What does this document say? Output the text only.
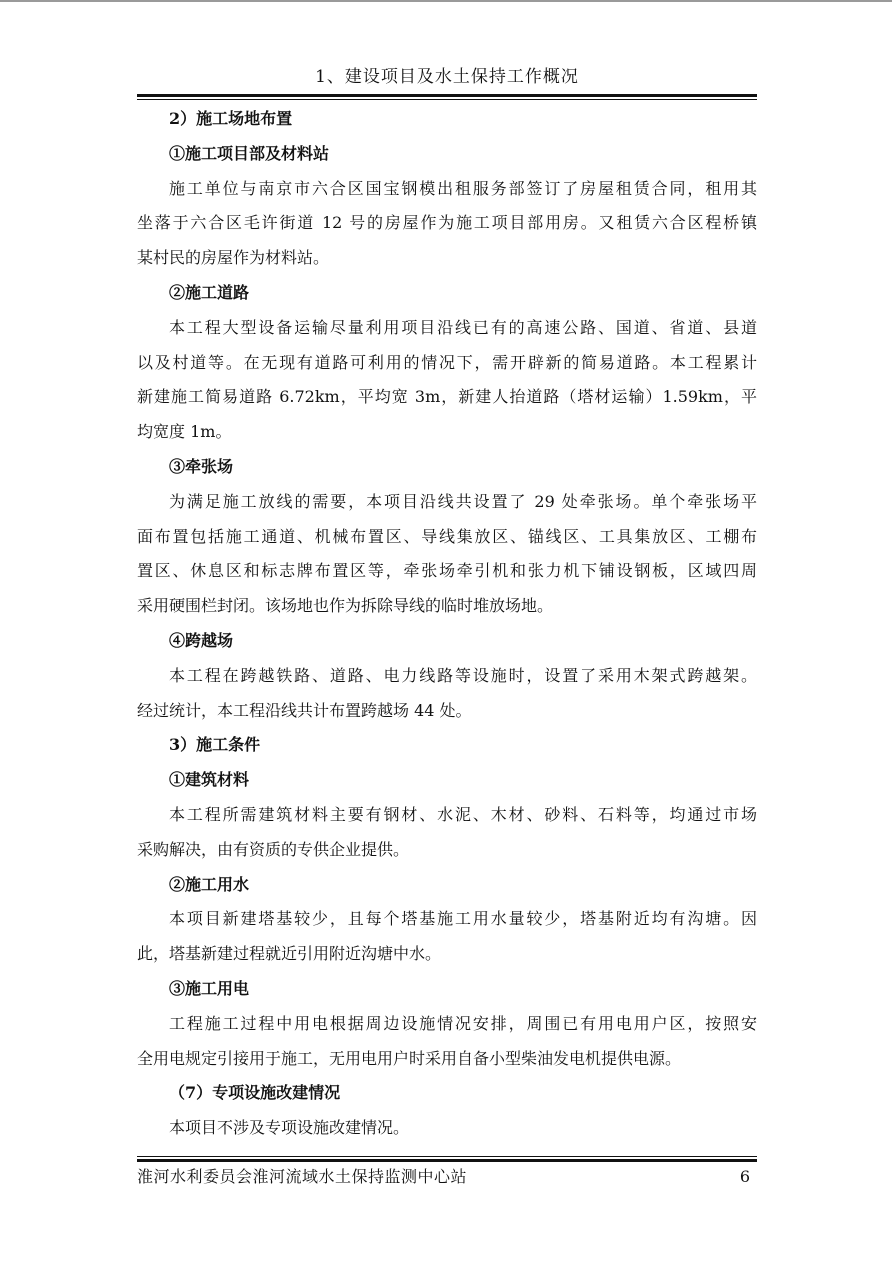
1、建设项目及水土保持工作概况
2）施工场地布置
①施工项目部及材料站
施工单位与南京市六合区国宝钢模出租服务部签订了房屋租赁合同，租用其
坐落于六合区毛许街道 12 号的房屋作为施工项目部用房。又租赁六合区程桥镇
某村民的房屋作为材料站。
②施工道路
本工程大型设备运输尽量利用项目沿线已有的高速公路、国道、省道、县道
以及村道等。在无现有道路可利用的情况下，需开辟新的简易道路。本工程累计
新建施工简易道路 6.72km，平均宽 3m，新建人抬道路（塔材运输）1.59km，平
均宽度 1m。
③牵张场
为满足施工放线的需要，本项目沿线共设置了 29 处牵张场。单个牵张场平
面布置包括施工通道、机械布置区、导线集放区、锚线区、工具集放区、工棚布
置区、休息区和标志牌布置区等，牵张场牵引机和张力机下铺设钢板，区域四周
采用硬围栏封闭。该场地也作为拆除导线的临时堆放场地。
④跨越场
本工程在跨越铁路、道路、电力线路等设施时，设置了采用木架式跨越架。
经过统计，本工程沿线共计布置跨越场 44 处。
3）施工条件
①建筑材料
本工程所需建筑材料主要有钢材、水泥、木材、砂料、石料等，均通过市场
采购解决，由有资质的专供企业提供。
②施工用水
本项目新建塔基较少，且每个塔基施工用水量较少，塔基附近均有沟塘。因
此，塔基新建过程就近引用附近沟塘中水。
③施工用电
工程施工过程中用电根据周边设施情况安排，周围已有用电用户区，按照安
全用电规定引接用于施工，无用电用户时采用自备小型柴油发电机提供电源。
（7）专项设施改建情况
本项目不涉及专项设施改建情况。
淮河水利委员会淮河流域水土保持监测中心站	6
